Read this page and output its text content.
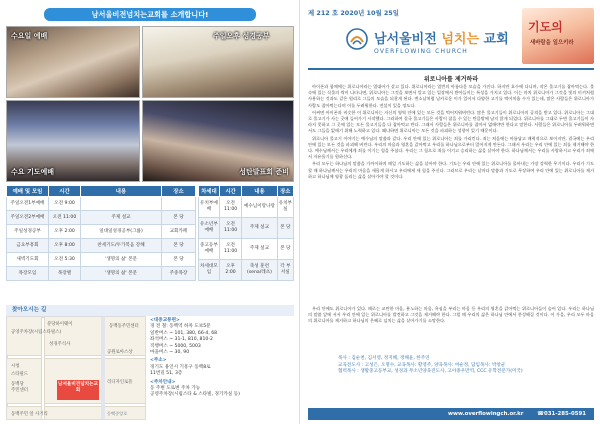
남서울비전넘치는교회를 소개합니다!
수요일 예배	주일오후 성경공부
수요 기도예배	성탄발표회 준비
예배 및 모임	시간	내용	장소
주일오전1부예배	오전 9:00		
주일오전2부예배	오전 11:00	주제 설교	본 당
주일성경공부	오후 2:00	일대일성경공부(그룹)	교회카페
금요부흥회	오후 8:00	찬세기도/두가복음 강해	본 당
새벽기도회	오전 5:30	'생명의 삶' 본문	본 당
목장모임	목장별	'생명의 삶' 본문	주중목장
차세대	시간	내용	장소
유치부예배	오전 11:00	예수님이랑나랑	유치부실
유소년부예배	오전 11:00	주제 설교	본 당
중고등부예배	오전 11:00	주제 설교	본 당
차세대모임	오후 2:00	축성 훈련(sena/레츠)	각 부서실
찾아오시는 길
분당하이웨이
공영주차장(시립스타필스)
동백동주민센터
성경주석사
공원로아스상
시청
스타필드
동백당
주민센터
리디자인로뜰
동백주민 앞 사거리	동백중앙로
남서울비전넘치는교회
<대중교통편>
경 전 철: 동백역 하차 도보5분
일반버스 ~ 101, 380, 66-4, 68
좌석버스 ~ 31-1, 810, 810-2
직행버스 ~ 5000, 5003
마을버스 ~ 30, 90
<주소>
경기도 용인시 기흥구 동백8로
11번길 51, 3층
<주차안내>
동 주변 도로변 주차 가능
공영주차장(시립스타 & 스타빌, 경기카실 등)
제 212 호 2020년 10월 25일
남서울비전 넘치는 교회
OVERFLOWING CHURCH
기도의
새바람을 일으키라
위로니아를 제거하라

아이폰과 함께에는 위로니아라는 열대어가 살고 있다. 위로니아라는 열번의 아름다운 모습을 가진다. 하지만 호수에 다니며, 작은 물고기를 잡아먹는다. 물속에 있는 식물의 싹이 나타나면, 위로니아는 그것을 보면서 알고 있는 입장에서 받아들이는 특성을 가지고 있다. 이는 마치 위로니아가 그것을 빛의 미끼처럼 사용하는 것과도 같은 원리로 그들의 모습을 되찾게 된다. 변소날처럼 날카로운 이가 있어서 다양한 고기를 먹어치울 수가 있는데, 많은 사람들은 위로니아가 사람도 잡아먹는다며 이를 두려워한다. 전설이 있을 정도다.

어쩌면 아이폰과 비슷한 이 위로니아는 자신의 영역 안에 있는 모든 것을 먹어치워버린다. 많은 물고기들이 위로니아의 공격을 받고 있다. 위로니아는 그대로 물고기가 사는 곳에 들어가기 시작했다. 그리하여 결국 물고기들은 사람이 잡을 수 있는 만큼밖에 남지 않게 되었다. 위로니아를 그대로 두면 물고기들이 자라지 못하고 그 곳에 있는 모든 물고기들을 다 잡아먹고 만다. 그래서 사람들은 위로니아를 잡아서 없애야만 한다고 말한다. 사람들은 위로니아를 두려워하면서도 그들을 없애기 위해 노력하고 있다. 왜냐하면 위로니아는 모든 것을 파괴하는 성향이 있기 때문이다.

위로니아 물고기 이야기는 예수님의 말씀과 같다. 우리 안에 있는 위로니아는 죄를 가리킨다. 죄는 처음에는 아름답고 매력적으로 보이지만, 결국에는 우리 안에 있는 모든 것을 파괴해 버린다. 우리의 마음과 영혼을 갉아먹고 우리를 하나님으로부터 멀어지게 만든다. 그래서 우리는 우리 안에 있는 죄를 제거해야 한다. 예수님께서는 우리에게 죄를 이기는 힘을 주셨다. 우리는 그 힘으로 죄를 이기고 승리하는 삶을 살아야 한다. 하나님께서는 우리를 사랑하시고 우리가 죄에서 자유롭기를 원하신다.

우리 모두는 하나님의 말씀을 가까이하며 매일 기도하는 삶을 살아야 한다. 기도는 우리 안에 있는 위로니아를 몰아내는 가장 강력한 무기이다. 우리가 기도할 때 하나님께서는 우리의 마음을 새롭게 하시고 우리에게 새 힘을 주신다. 그러므로 우리는 날마다 말씀과 기도로 무장하여 우리 안에 있는 위로니아를 제거하고 하나님께 영광 돌리는 삶을 살아가야 할 것이다.

우리 안에도 위로니아가 있다. 때로는 교만한 마음, 분노하는 마음, 욕심을 부리는 마음 등 우리의 영혼을 갉아먹는 위로니아들이 숨어 있다. 우리는 하나님의 말씀 앞에 서서 우리 안에 있는 위로니아를 발견하고 그것을 제거해야 한다. 그럴 때 우리의 삶은 하나님 안에서 풍성해질 것이다. 이 가을, 우리 모두 마음의 위로니아를 제거하고 하나님의 은혜로 넘치는 삶을 살아가기를 소망한다.

목사 : 김순천, 김서영, 정지혜, 정해윤, 한주연
교육전도사 : 고성은, 오명수, 교육목사: 황영주, 양육목사: 여순정, 담임목사: 박창균
협력목사 : 생활중고등부교, 성경과 무소년양육전도사, 고아종우만역, CCC 유학전문가(미국)
www.overflowingch.or.kr	☎031-285-0591
